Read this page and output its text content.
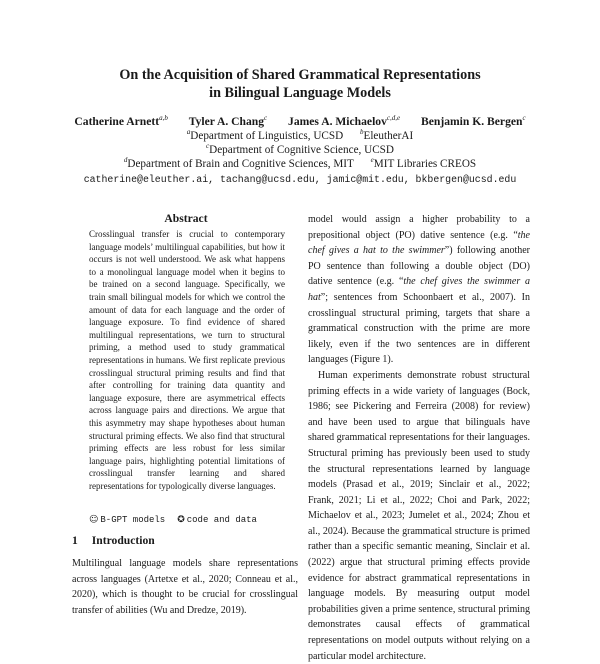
On the Acquisition of Shared Grammatical Representations
in Bilingual Language Models
Catherine Arnett$^{a,b}$ Tyler A. Chang$^c$ James A. Michaelov$^{c,d,e}$ Benjamin K. Bergen$^c$
$^a$Department of Linguistics, UCSD $^b$EleutherAI
$^c$Department of Cognitive Science, UCSD
$^d$Department of Brain and Cognitive Sciences, MIT $^e$MIT Libraries CREOS
catherine@eleuther.ai, tachang@ucsd.edu, jamic@mit.edu, bkbergen@ucsd.edu
Abstract
Crosslingual transfer is crucial to contemporary language models’ multilingual capabilities, but how it occurs is not well understood. We ask what happens to a monolingual language model when it begins to be trained on a second language. Specifically, we train small bilingual models for which we control the amount of data for each language and the order of language exposure. To find evidence of shared multilingual representations, we turn to structural priming, a method used to study grammatical representations in humans. We first replicate previous crosslingual structural priming results and find that after controlling for training data quantity and language exposure, there are asymmetrical effects across language pairs and directions. We argue that this asymmetry may shape hypotheses about human structural priming effects. We also find that structural priming effects are less robust for less similar language pairs, highlighting potential limitations of crosslingual transfer learning and shared representations for typologically diverse languages.
☺ B-GPT models ✪ code and data
1 Introduction
Multilingual language models share representations across languages (Artetxe et al., 2020; Conneau et al., 2020), which is thought to be crucial for crosslingual transfer of abilities (Wu and Dredze, 2019).

model would assign a higher probability to a prepositional object (PO) dative sentence (e.g. “the chef gives a hat to the swimmer”) following another PO sentence than following a double object (DO) dative sentence (e.g. “the chef gives the swimmer a hat”; sentences from Schoonbaert et al., 2007). In crosslingual structural priming, targets that share a grammatical construction with the prime are more likely, even if the two sentences are in different languages (Figure 1).

Human experiments demonstrate robust structural priming effects in a wide variety of languages (Bock, 1986; see Pickering and Ferreira (2008) for review) and have been used to argue that bilinguals have shared grammatical representations for their languages. Structural priming has previously been used to study the structural representations learned by language models (Prasad et al., 2019; Sinclair et al., 2022; Frank, 2021; Li et al., 2022; Choi and Park, 2022; Michaelov et al., 2023; Jumelet et al., 2024; Zhou et al., 2024). Because the grammatical structure is primed rather than a specific semantic meaning, Sinclair et al. (2022) argue that structural priming effects provide evidence for abstract grammatical representations in language models. By measuring output model probabilities given a prime sentence, structural priming demonstrates causal effects of grammatical representations on model outputs without relying on a particular model architecture.
